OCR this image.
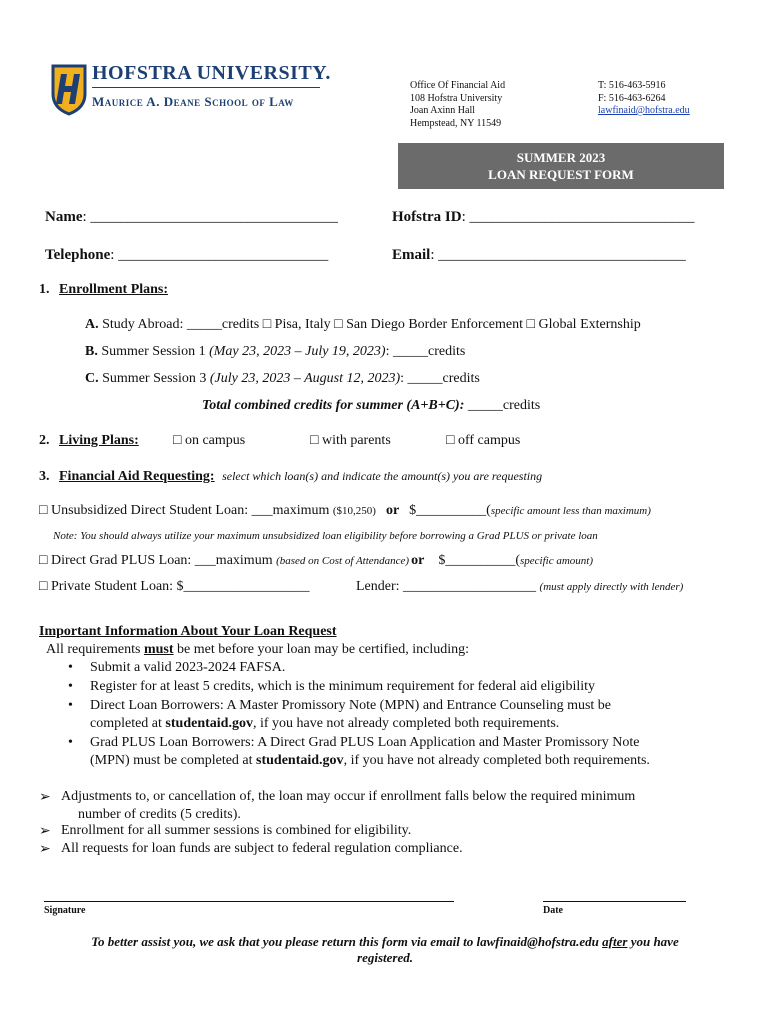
HOFSTRA UNIVERSITY.
Maurice A. Deane School of Law
Office Of Financial Aid
108 Hofstra University
Joan Axinn Hall
Hempstead, NY 11549
T: 516-463-5916
F: 516-463-6264
lawfinaid@hofstra.edu
SUMMER 2023
LOAN REQUEST FORM
Name: _________________________________	Hofstra ID: ______________________________
Telephone: ____________________________	Email: _________________________________
1. Enrollment Plans:
A. Study Abroad: _____credits □ Pisa, Italy □ San Diego Border Enforcement □ Global Externship
B. Summer Session 1 (May 23, 2023 – July 19, 2023): _____credits
C. Summer Session 3 (July 23, 2023 – August 12, 2023): _____credits
Total combined credits for summer (A+B+C): _____credits
2. Living Plans: □ on campus	□ with parents	□ off campus
3. Financial Aid Requesting: select which loan(s) and indicate the amount(s) you are requesting
□ Unsubsidized Direct Student Loan: ___maximum ($10,250) or $__________(specific amount less than maximum)
Note: You should always utilize your maximum unsubsidized loan eligibility before borrowing a Grad PLUS or private loan
□ Direct Grad PLUS Loan: ___maximum (based on Cost of Attendance) or $__________(specific amount)
□ Private Student Loan: $__________________	Lender: ___________________ (must apply directly with lender)
Important Information About Your Loan Request
All requirements must be met before your loan may be certified, including:
• Submit a valid 2023-2024 FAFSA.
• Register for at least 5 credits, which is the minimum requirement for federal aid eligibility
• Direct Loan Borrowers: A Master Promissory Note (MPN) and Entrance Counseling must be
completed at studentaid.gov, if you have not already completed both requirements.
• Grad PLUS Loan Borrowers: A Direct Grad PLUS Loan Application and Master Promissory Note
(MPN) must be completed at studentaid.gov, if you have not already completed both requirements.
➢ Adjustments to, or cancellation of, the loan may occur if enrollment falls below the required minimum
number of credits (5 credits).
➢ Enrollment for all summer sessions is combined for eligibility.
➢ All requests for loan funds are subject to federal regulation compliance.
Signature	Date
To better assist you, we ask that you please return this form via email to lawfinaid@hofstra.edu after you have
registered.
